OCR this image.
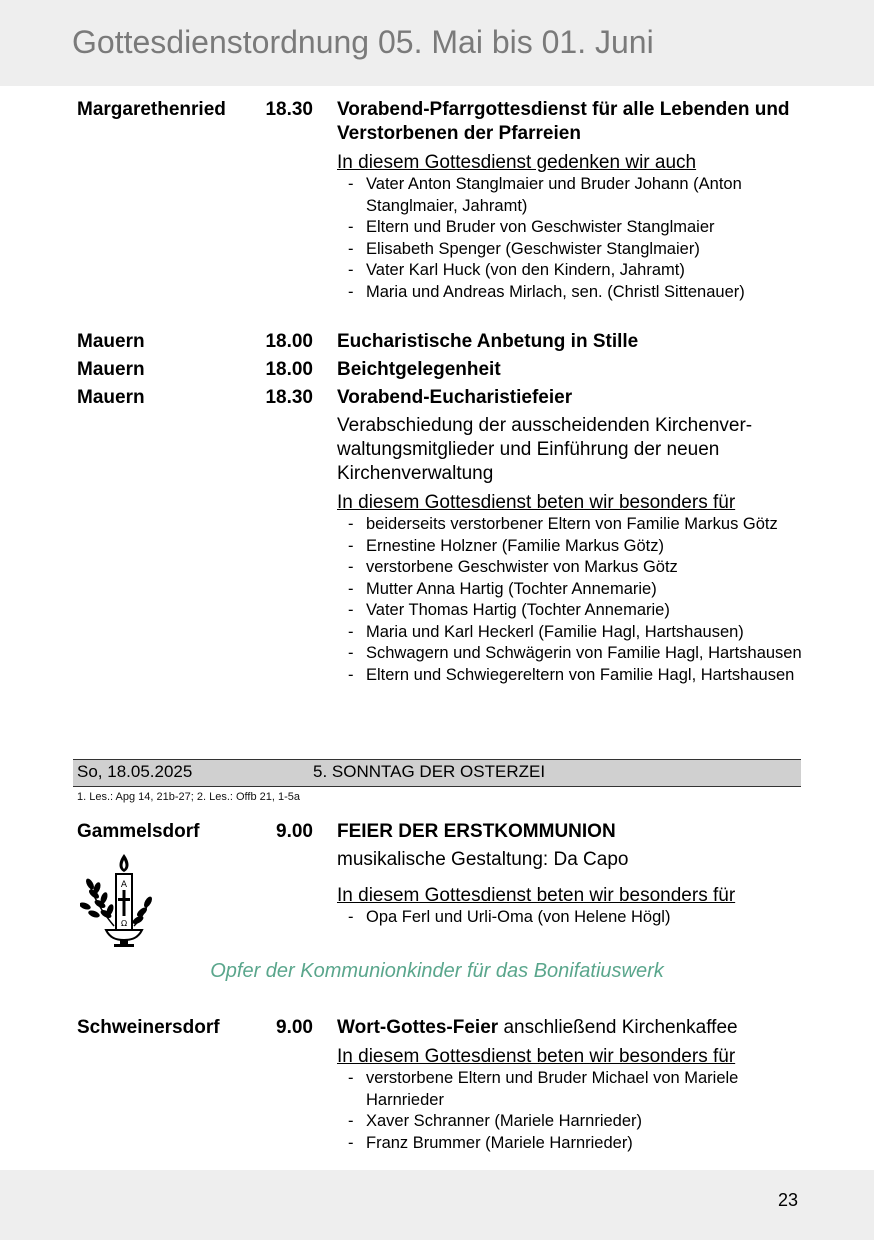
Gottesdienstordnung 05. Mai bis 01. Juni
Margarethenried	18.30 Vorabend-Pfarrgottesdienst für alle Lebenden und Verstorbenen der Pfarreien
In diesem Gottesdienst gedenken wir auch
- Vater Anton Stanglmaier und Bruder Johann (Anton Stanglmaier, Jahramt)
- Eltern und Bruder von Geschwister Stanglmaier
- Elisabeth Spenger (Geschwister Stanglmaier)
- Vater Karl Huck (von den Kindern, Jahramt)
- Maria und Andreas Mirlach, sen. (Christl Sittenauer)
Mauern	18.00 Eucharistische Anbetung in Stille
Mauern	18.00 Beichtgelegenheit
Mauern	18.30 Vorabend-Eucharistiefeier
Verabschiedung der ausscheidenden Kirchenver-waltungsmitglieder und Einführung der neuen Kirchenverwaltung
In diesem Gottesdienst beten wir besonders für
- beiderseits verstorbener Eltern von Familie Markus Götz
- Ernestine Holzner (Familie Markus Götz)
- verstorbene Geschwister von Markus Götz
- Mutter Anna Hartig (Tochter Annemarie)
- Vater Thomas Hartig (Tochter Annemarie)
- Maria und Karl Heckerl (Familie Hagl, Hartshausen)
- Schwagern und Schwägerin von Familie Hagl, Hartshausen
- Eltern und Schwiegereltern von Familie Hagl, Hartshausen
So, 18.05.2025	5. SONNTAG DER OSTERZEI
1. Les.: Apg 14, 21b-27; 2. Les.: Offb 21, 1-5a
Gammelsdorf	9.00 FEIER DER ERSTKOMMUNION
musikalische Gestaltung: Da Capo
In diesem Gottesdienst beten wir besonders für
- Opa Ferl und Urli-Oma (von Helene Högl)
A
Ω
Opfer der Kommunionkinder für das Bonifatiuswerk
Schweinersdorf	9.00 Wort-Gottes-Feier anschließend Kirchenkaffee
In diesem Gottesdienst beten wir besonders für
- verstorbene Eltern und Bruder Michael von Mariele Harnrieder
- Xaver Schranner (Mariele Harnrieder)
- Franz Brummer (Mariele Harnrieder)
23
